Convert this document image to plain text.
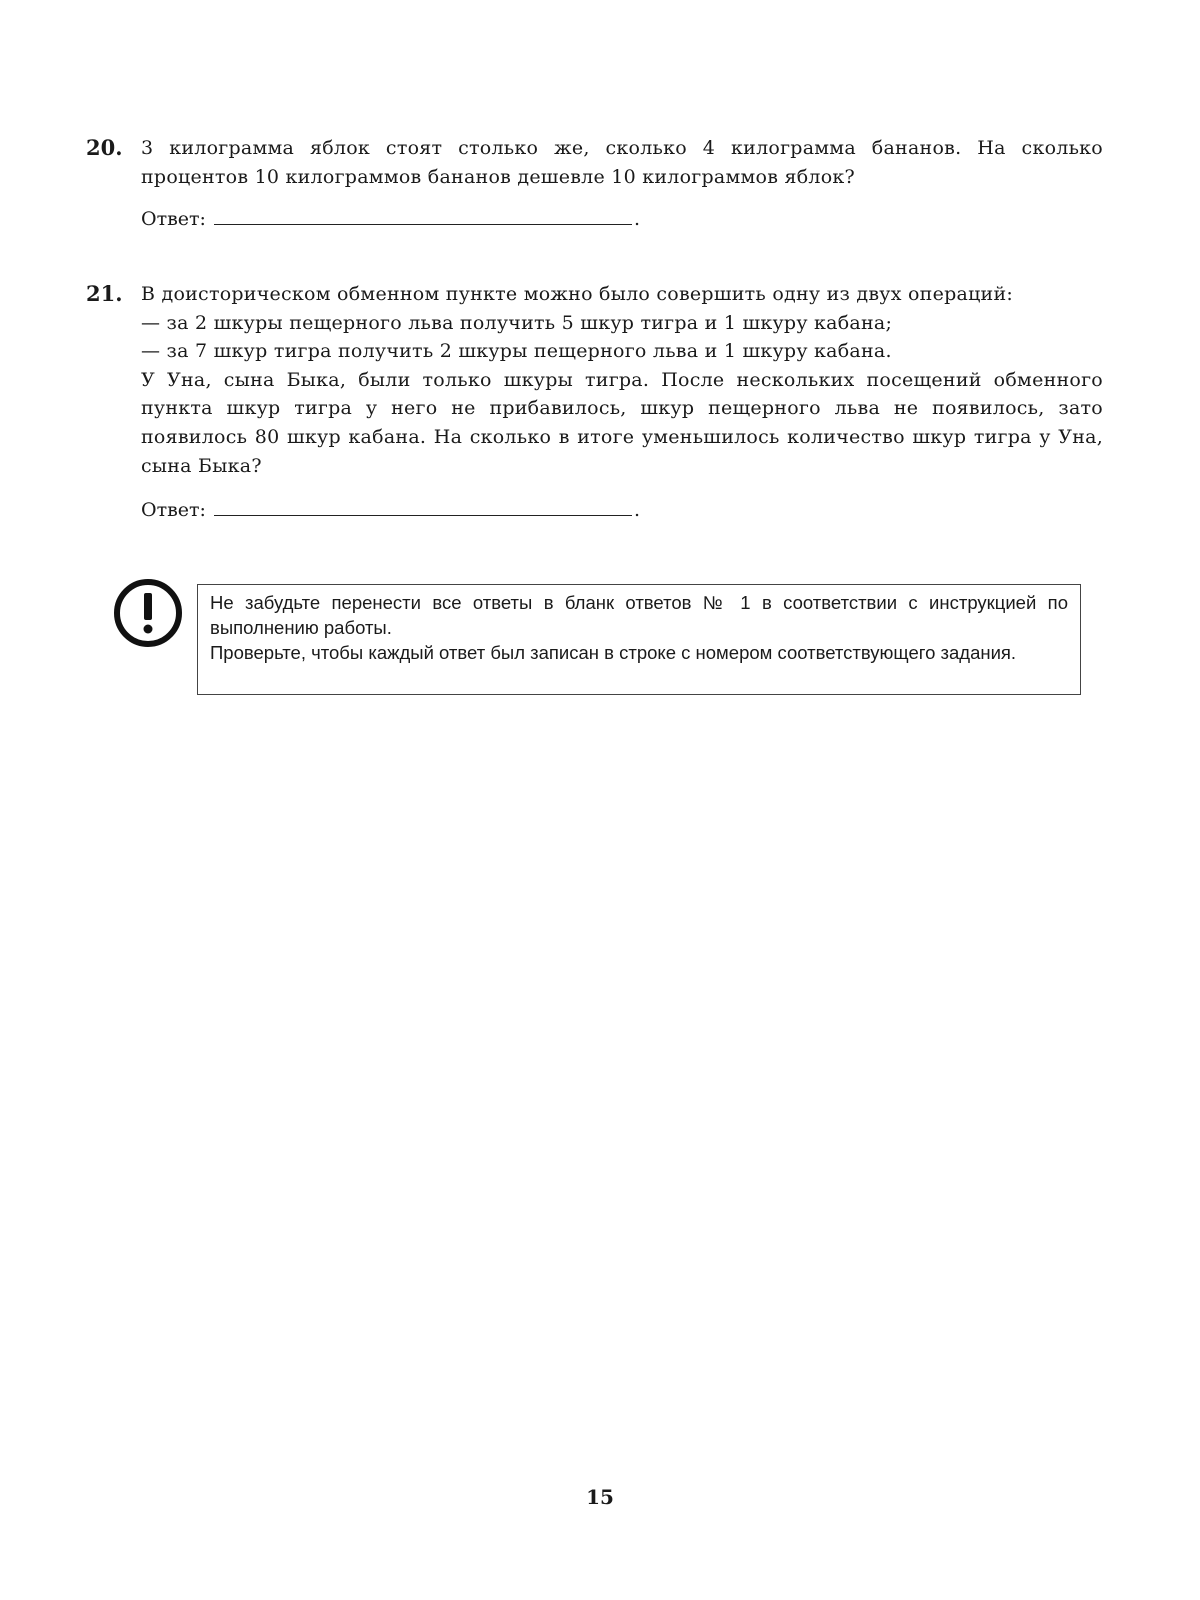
20. 3 килограмма яблок стоят столько же, сколько 4 килограмма бананов. На сколько процентов 10 килограммов бананов дешевле 10 килограммов яблок?

Ответ:	.
21. В доисторическом обменном пункте можно было совершить одну из двух операций:

— за 2 шкуры пещерного льва получить 5 шкур тигра и 1 шкуру кабана;

— за 7 шкур тигра получить 2 шкуры пещерного льва и 1 шкуру кабана.

У Уна, сына Быка, были только шкуры тигра. После нескольких посещений обменного пункта шкур тигра у него не прибавилось, шкур пещерного льва не появилось, зато появилось 80 шкур кабана. На сколько в итоге уменьшилось количество шкур тигра у Уна, сына Быка?

Ответ:	.

Не забудьте перенести все ответы в бланк ответов № 1 в соответствии с инструкцией по выполнению работы.

Проверьте, чтобы каждый ответ был записан в строке с номером соответствующего задания.

15
